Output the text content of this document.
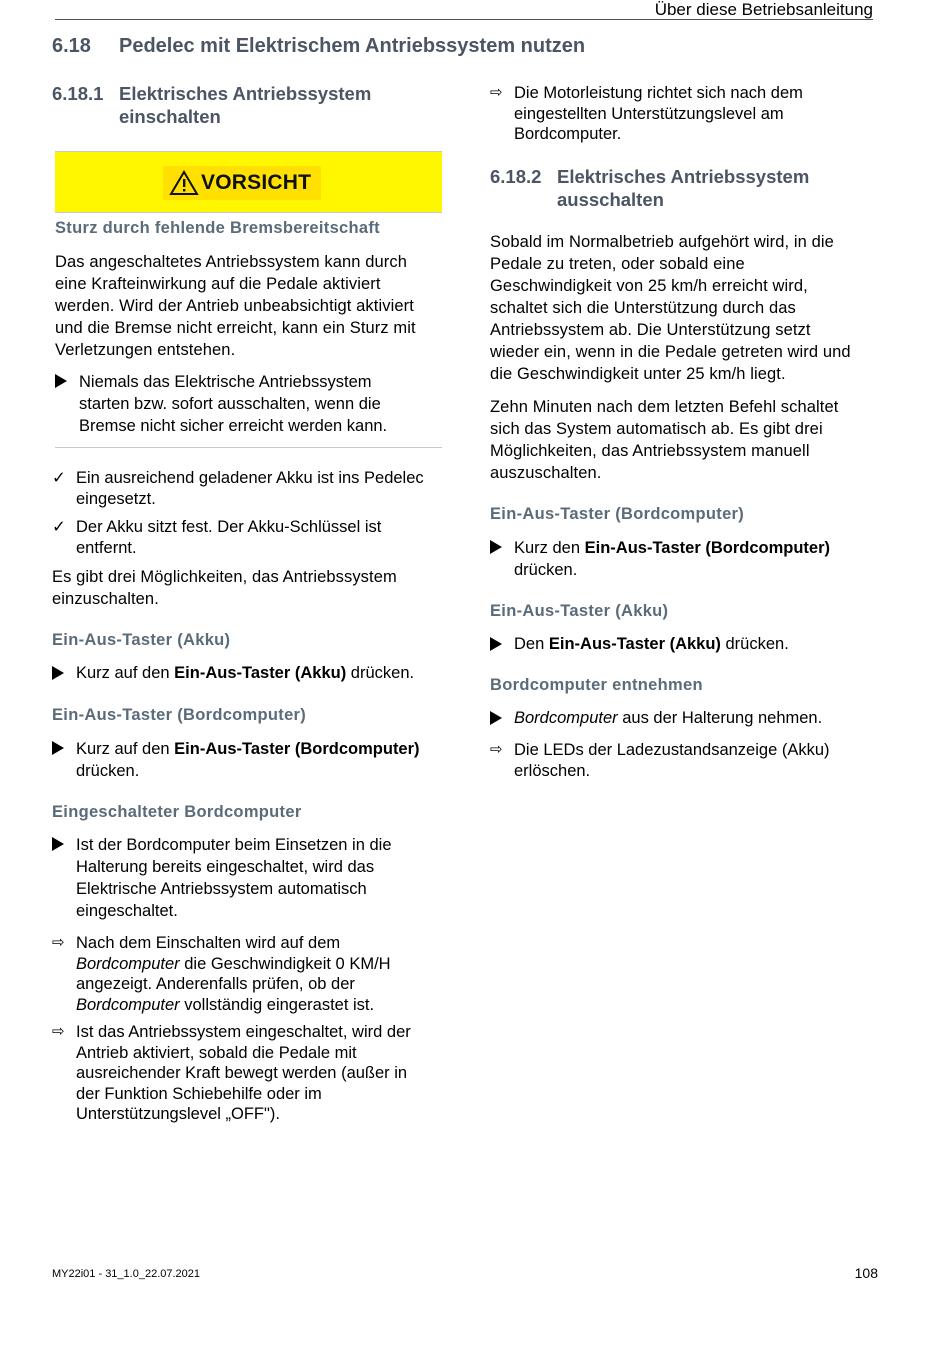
Über diese Betriebsanleitung
6.18 Pedelec mit Elektrischem Antriebssystem nutzen
6.18.1 Elektrisches Antriebssystem
einschalten
VORSICHT
Sturz durch fehlende Bremsbereitschaft
Das angeschaltetes Antriebssystem kann durch
eine Krafteinwirkung auf die Pedale aktiviert
werden. Wird der Antrieb unbeabsichtigt aktiviert
und die Bremse nicht erreicht, kann ein Sturz mit
Verletzungen entstehen.
Niemals das Elektrische Antriebssystem
starten bzw. sofort ausschalten, wenn die
Bremse nicht sicher erreicht werden kann.
✓ Ein ausreichend geladener Akku ist ins Pedelec
eingesetzt.
✓ Der Akku sitzt fest. Der Akku-Schlüssel ist
entfernt.
Es gibt drei Möglichkeiten, das Antriebssystem
einzuschalten.
Ein-Aus-Taster (Akku)
Kurz auf den Ein-Aus-Taster (Akku) drücken.
Ein-Aus-Taster (Bordcomputer)
Kurz auf den Ein-Aus-Taster (Bordcomputer)
drücken.
Eingeschalteter Bordcomputer
Ist der Bordcomputer beim Einsetzen in die
Halterung bereits eingeschaltet, wird das
Elektrische Antriebssystem automatisch
eingeschaltet.
⇨ Nach dem Einschalten wird auf dem
Bordcomputer die Geschwindigkeit 0 KM/H
angezeigt. Anderenfalls prüfen, ob der
Bordcomputer vollständig eingerastet ist.
⇨ Ist das Antriebssystem eingeschaltet, wird der
Antrieb aktiviert, sobald die Pedale mit
ausreichender Kraft bewegt werden (außer in
der Funktion Schiebehilfe oder im
Unterstützungslevel „OFF").
⇨ Die Motorleistung richtet sich nach dem
eingestellten Unterstützungslevel am
Bordcomputer.
6.18.2 Elektrisches Antriebssystem
ausschalten
Sobald im Normalbetrieb aufgehört wird, in die
Pedale zu treten, oder sobald eine
Geschwindigkeit von 25 km/h erreicht wird,
schaltet sich die Unterstützung durch das
Antriebssystem ab. Die Unterstützung setzt
wieder ein, wenn in die Pedale getreten wird und
die Geschwindigkeit unter 25 km/h liegt.
Zehn Minuten nach dem letzten Befehl schaltet
sich das System automatisch ab. Es gibt drei
Möglichkeiten, das Antriebssystem manuell
auszuschalten.
Ein-Aus-Taster (Bordcomputer)
Kurz den Ein-Aus-Taster (Bordcomputer)
drücken.
Ein-Aus-Taster (Akku)
Den Ein-Aus-Taster (Akku) drücken.
Bordcomputer entnehmen
Bordcomputer aus der Halterung nehmen.
⇨ Die LEDs der Ladezustandsanzeige (Akku)
erlöschen.
MY22i01 - 31_1.0_22.07.2021	108
